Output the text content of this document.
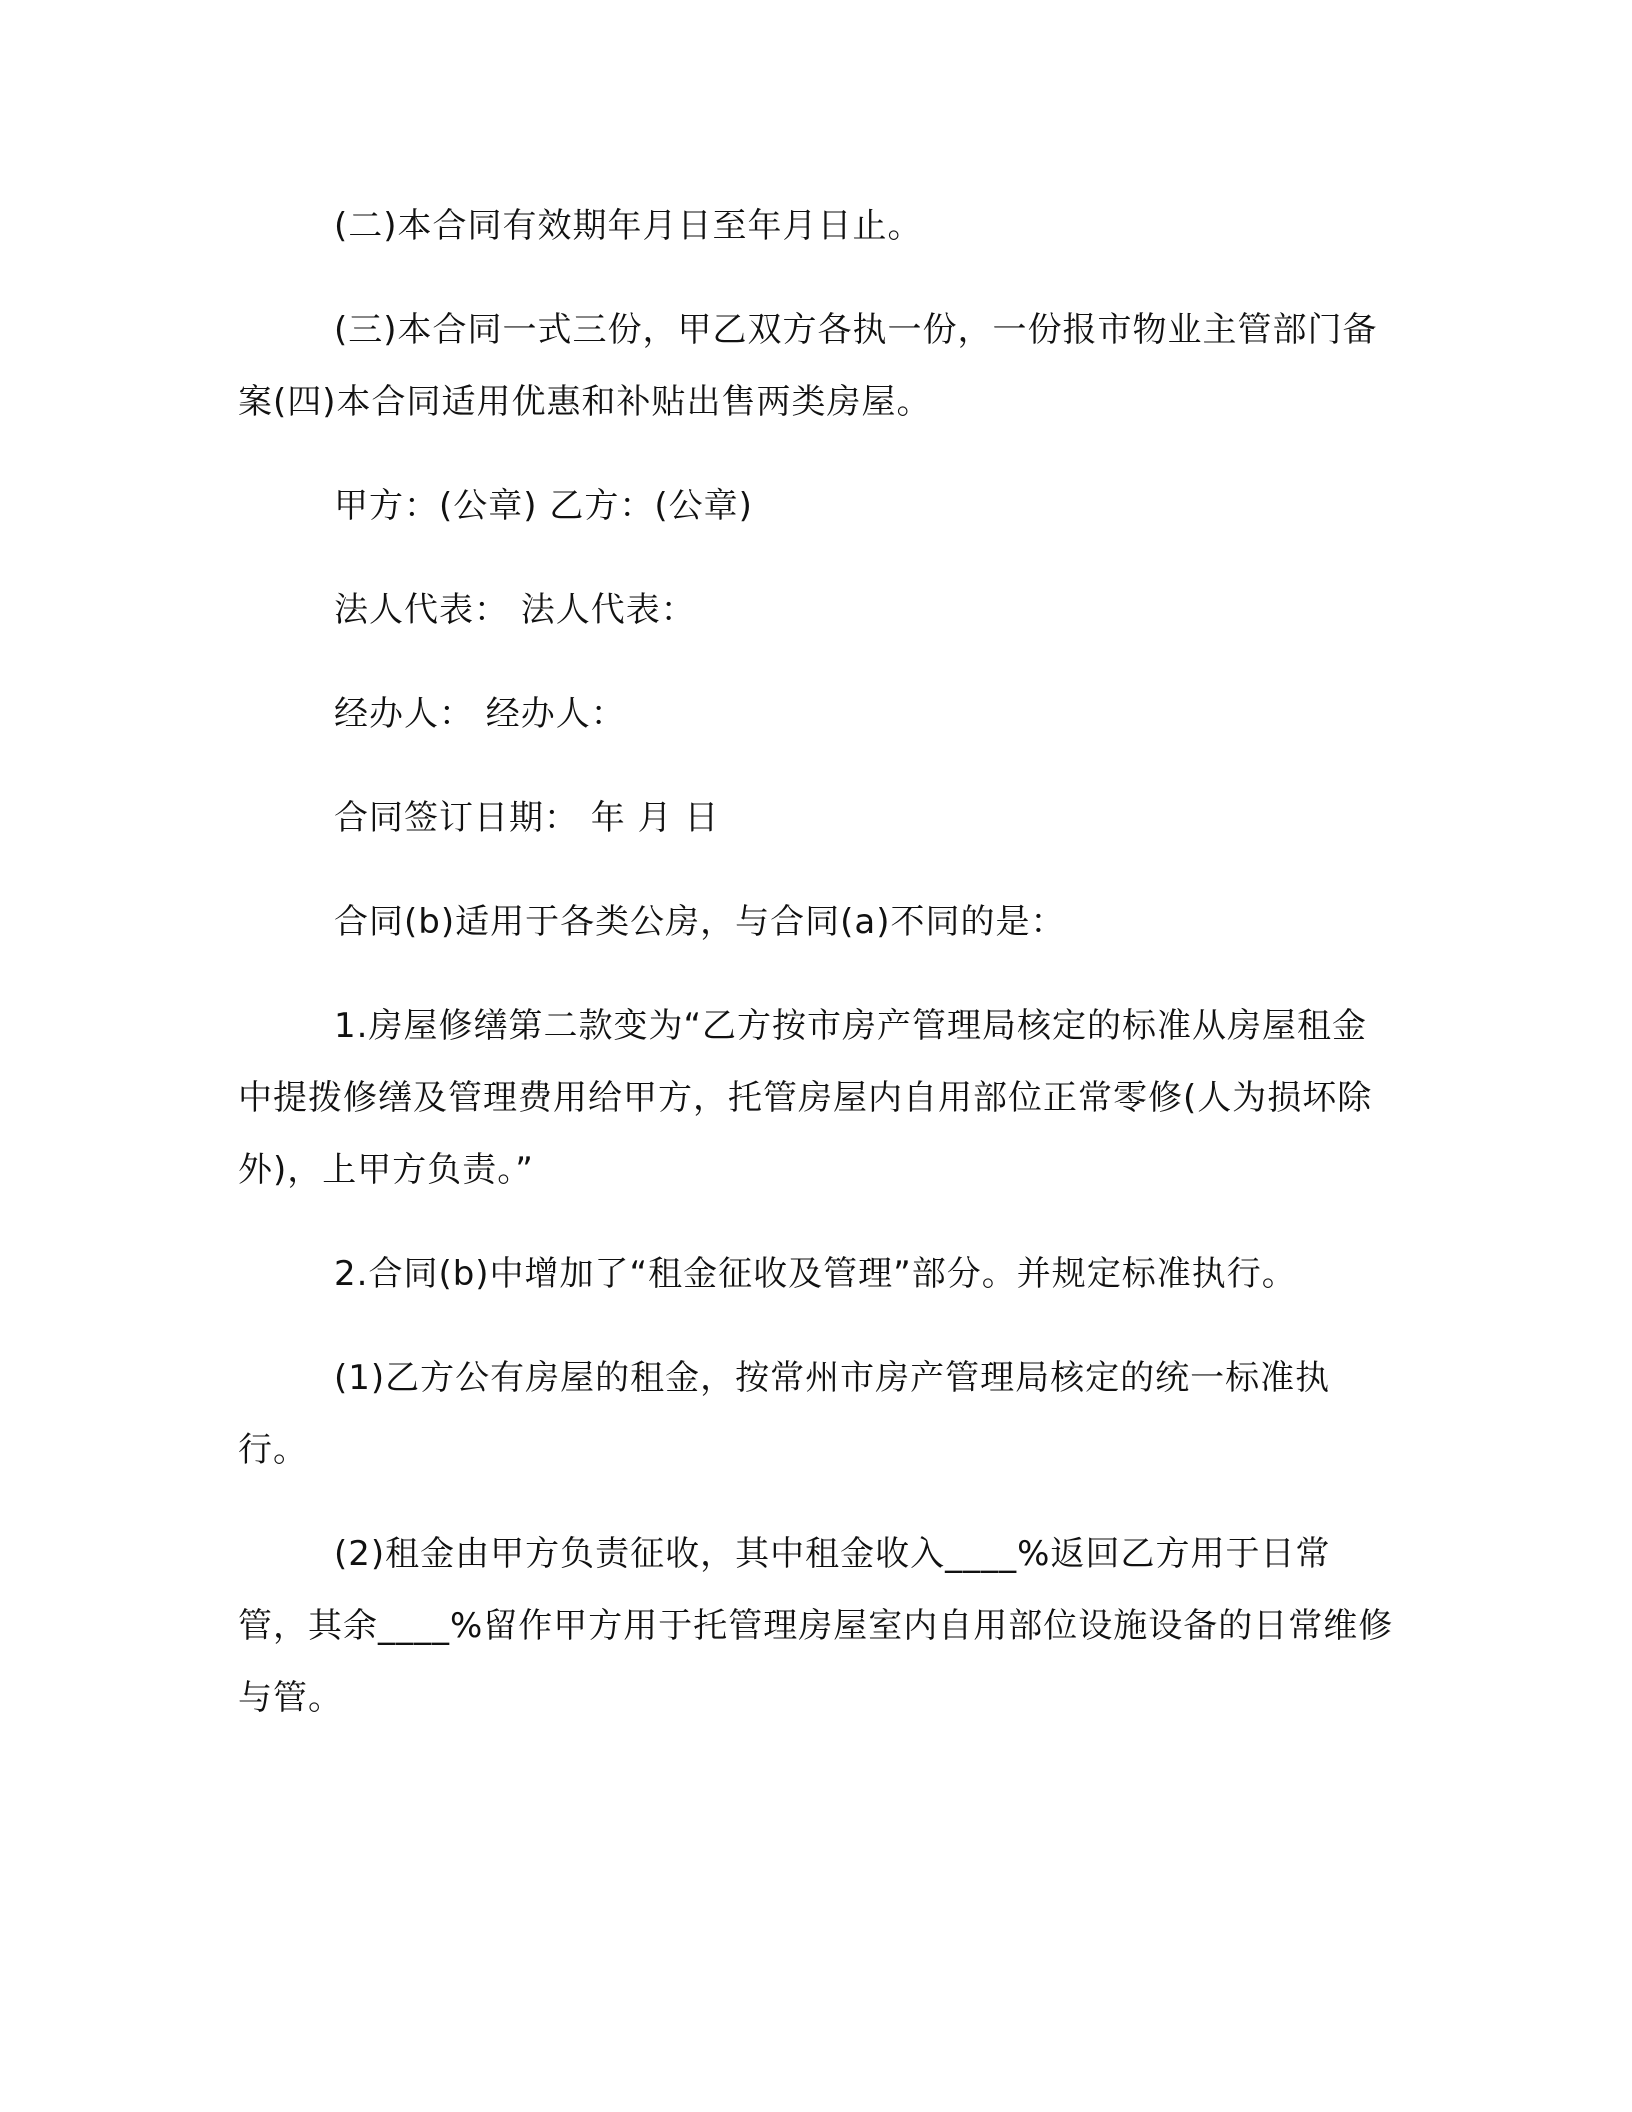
(二)本合同有效期年月日至年月日止。

(三)本合同一式三份，甲乙双方各执一份，一份报市物业主管部门备案(四)本合同适用优惠和补贴出售两类房屋。

甲方：(公章) 乙方：(公章)

法人代表： 法人代表：

经办人： 经办人：

合同签订日期： 年 月 日

合同(b)适用于各类公房，与合同(a)不同的是：

1.房屋修缮第二款变为“乙方按市房产管理局核定的标准从房屋租金中提拨修缮及管理费用给甲方，托管房屋内自用部位正常零修(人为损坏除外)，上甲方负责。”

2.合同(b)中增加了“租金征收及管理”部分。并规定标准执行。

(1)乙方公有房屋的租金，按常州市房产管理局核定的统一标准执行。

(2)租金由甲方负责征收，其中租金收入____%返回乙方用于日常管，其余____%留作甲方用于托管理房屋室内自用部位设施设备的日常维修与管。
